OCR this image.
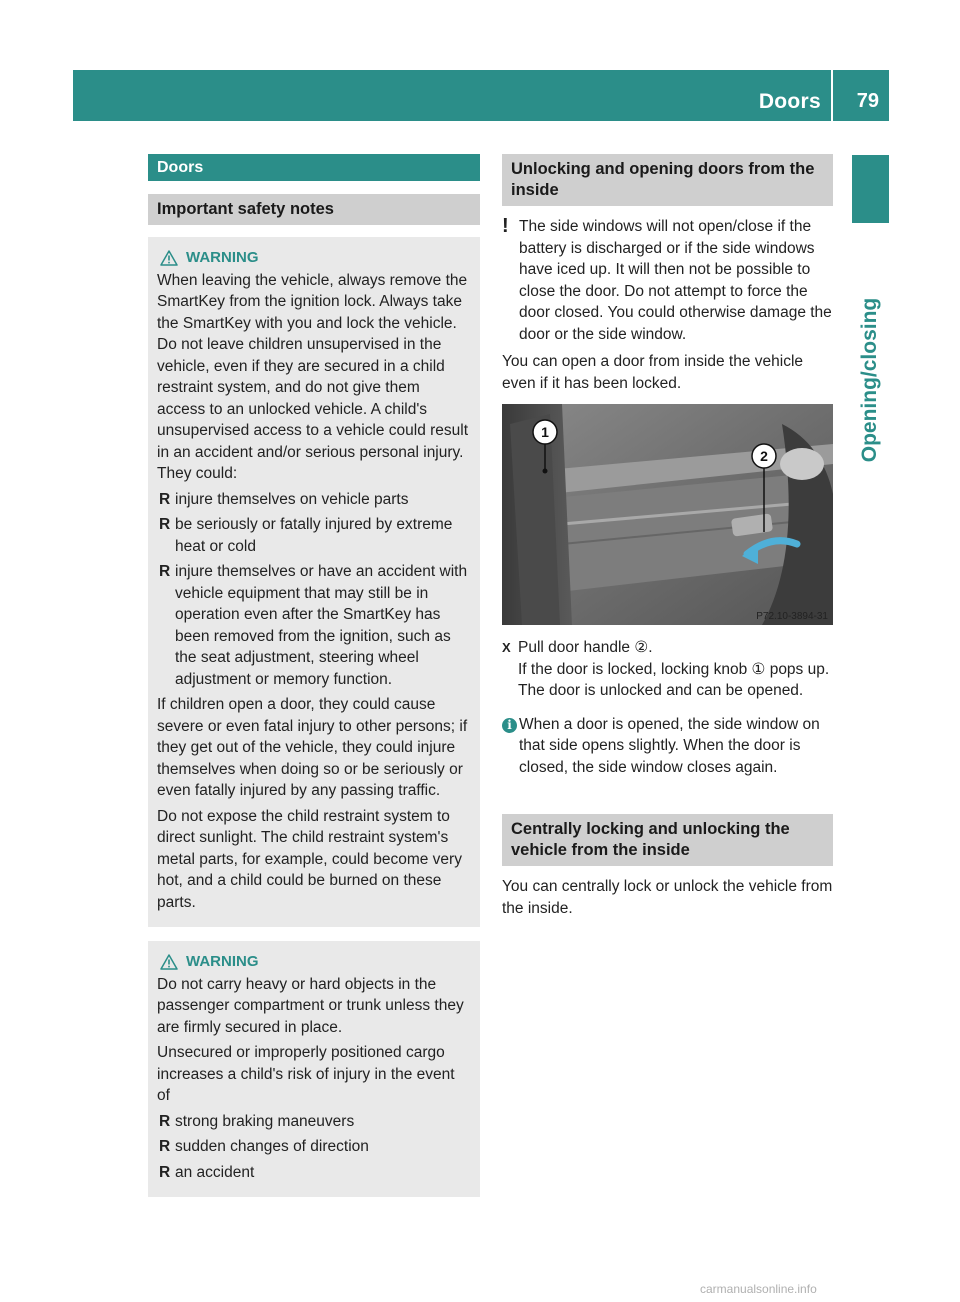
Doors 79
Opening/closing
Doors
Important safety notes
WARNING

When leaving the vehicle, always remove the SmartKey from the ignition lock. Always take the SmartKey with you and lock the vehicle. Do not leave children unsupervised in the vehicle, even if they are secured in a child restraint system, and do not give them access to an unlocked vehicle. A child's unsupervised access to a vehicle could result in an accident and/or serious personal injury. They could:

R injure themselves on vehicle parts
R be seriously or fatally injured by extreme heat or cold
R injure themselves or have an accident with vehicle equipment that may still be in operation even after the SmartKey has been removed from the ignition, such as the seat adjustment, steering wheel adjustment or memory function.

If children open a door, they could cause severe or even fatal injury to other persons; if they get out of the vehicle, they could injure themselves when doing so or be seriously or even fatally injured by any passing traffic.

Do not expose the child restraint system to direct sunlight. The child restraint system's metal parts, for example, could become very hot, and a child could be burned on these parts.

WARNING

Do not carry heavy or hard objects in the passenger compartment or trunk unless they are firmly secured in place.

Unsecured or improperly positioned cargo increases a child's risk of injury in the event of

R strong braking maneuvers
R sudden changes of direction
R an accident
Unlocking and opening doors from the inside
! The side windows will not open/close if the battery is discharged or if the side windows have iced up. It will then not be possible to close the door. Do not attempt to force the door closed. You could otherwise damage the door or the side window.

You can open a door from inside the vehicle even if it has been locked.

1
2
P72.10-3894-31
X Pull door handle ②.
If the door is locked, locking knob ① pops up. The door is unlocked and can be opened.
i When a door is opened, the side window on that side opens slightly. When the door is closed, the side window closes again.
Centrally locking and unlocking the vehicle from the inside

You can centrally lock or unlock the vehicle from the inside.

carmanualsonline.info
